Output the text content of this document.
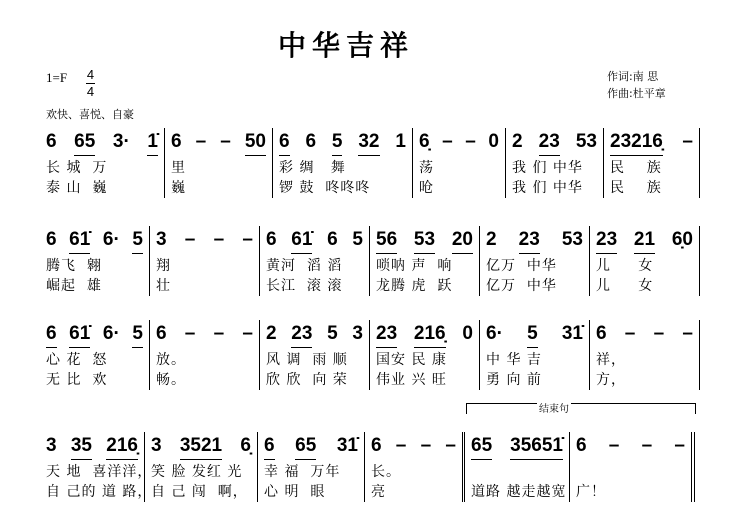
中华吉祥
1=F 4
4
欢快、喜悦、自豪
作词:南 思
作曲:杜平章
结束句
6 65 3· 1̇
长 城  万
泰 山  巍
6 – – 50
里
巍
6 6 5 32 1
彩 绸   舞
锣 鼓  咚咚咚
6̣ – – 0
荡
呛
2 23 53
我 们 中华
我 们 中华
23216̣ –
民    族
民    族
6 61̇ 6· 5
腾飞  翱
崛起  雄
3 – – –
翔
壮
6 61̇ 6 5
黄河  滔 滔
长江  滚 滚
56 53 20
唢呐 声  响
龙腾 虎  跃
2 23 53
亿万  中华
亿万  中华
23 21 6̣0
儿     女
儿     女
6 61̇ 6· 5
心 花  怒
无 比  欢
6 – – –
放。
畅。
2 23 5 3
风 调  雨 顺
欣 欣  向 荣
23 216̣ 0
国安 民 康
伟业 兴 旺
6· 5 31̇
中 华 吉
勇 向 前
6 – – –
祥，
方，
3 35 216̣
天 地  喜洋洋，
自 己的 道 路，
3 3521 6̣
笑 脸 发红 光
自 己 闯  啊，
6 65 31̇
幸 福  万年
心 明  眼
6 – – –
长。
亮
65 35651̇
道路 越走越宽
6 – – –
广！
